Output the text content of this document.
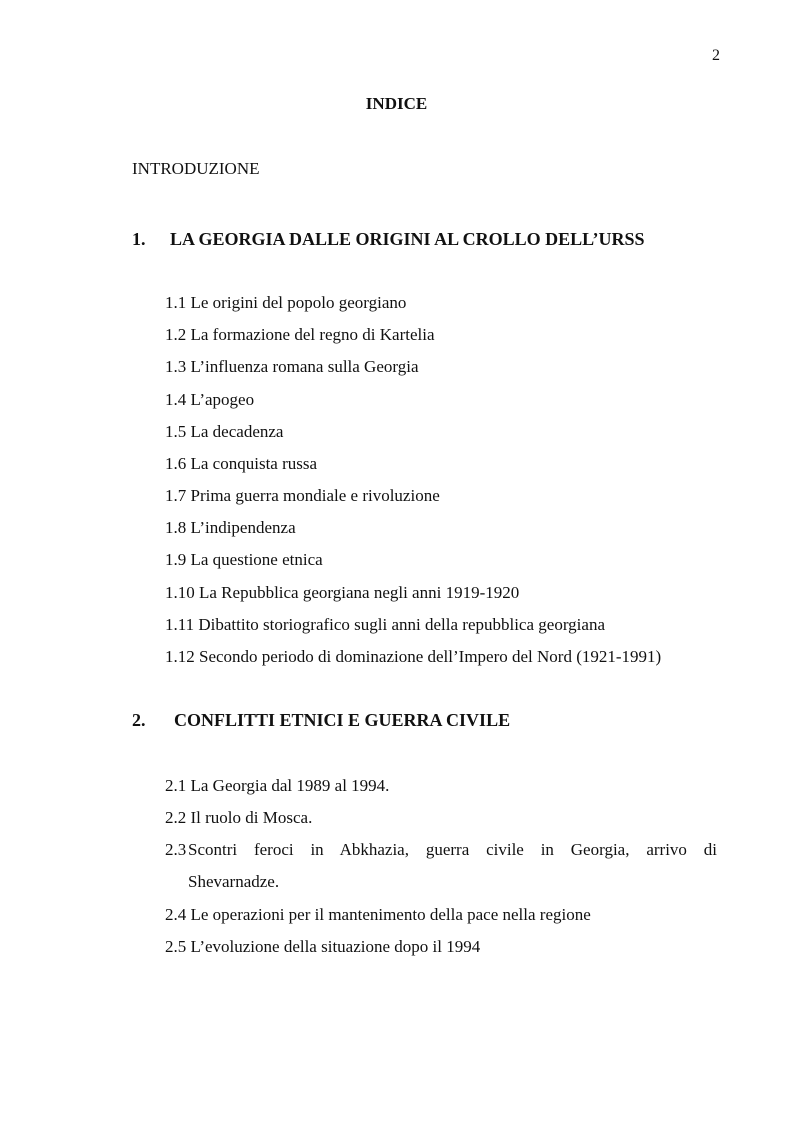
2
INDICE
INTRODUZIONE
1. LA GEORGIA DALLE ORIGINI AL CROLLO DELL’URSS
1.1 Le origini del popolo georgiano
1.2 La formazione del regno di Kartelia
1.3 L’influenza romana sulla Georgia
1.4 L’apogeo
1.5 La decadenza
1.6 La conquista russa
1.7 Prima guerra mondiale e rivoluzione
1.8 L’indipendenza
1.9 La questione etnica
1.10 La Repubblica georgiana negli anni 1919-1920
1.11 Dibattito storiografico sugli anni della repubblica georgiana
1.12 Secondo periodo di dominazione dell’Impero del Nord (1921-1991)
2. CONFLITTI ETNICI E GUERRA CIVILE
2.1 La Georgia dal 1989 al 1994.
2.2 Il ruolo di Mosca.
2.3 Scontri feroci in Abkhazia, guerra civile in Georgia, arrivo di
Shevarnadze.
2.4 Le operazioni per il mantenimento della pace nella regione
2.5 L’evoluzione della situazione dopo il 1994
